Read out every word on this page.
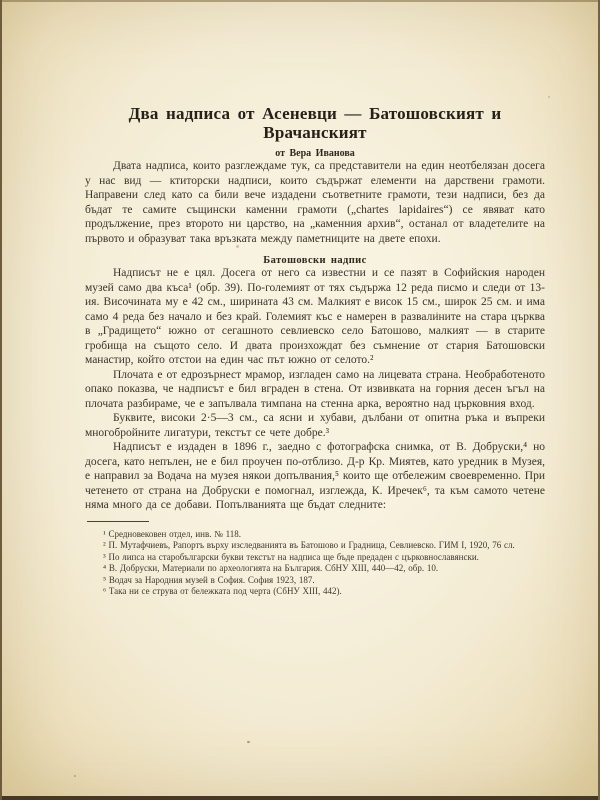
Два надписа от Асеневци — Батошовският и Врачанският
от Вера Иванова

Двата надписа, които разглеждаме тук, са представители на един неотбелязан досега у нас вид — ктиторски надписи, които съдържат елементи на дарствени грамоти. Направени след като са били вече издадени съответните грамоти, тези надписи, без да бъдат те самите същински каменни грамоти („chartes lapidaires“) се явяват като продължение, през второто ни царство, на „каменния архив“, останал от владетелите на първото и образуват така връзката между паметниците на двете епохи.

Батошовски надпис

Надписът не е цял. Досега от него са известни и се пазят в Софийския народен музей само два къса¹ (обр. 39). По-големият от тях съдържа 12 реда писмо и следи от 13-ия. Височината му е 42 см., ширината 43 см. Малкият е висок 15 см., широк 25 см. и има само 4 реда без начало и без край. Големият къс е намерен в развалините на стара църква в „Градището“ южно от сегашното севлиевско село Батошово, малкият — в старите гробища на същото село. И двата произхождат без съмнение от стария Батошовски манастир, който отстои на един час път южно от селото.²

Плочата е от едрозърнест мрамор, изгладен само на лицевата страна. Необработеното опако показва, че надписът е бил вграден в стена. От извивката на горния десен ъгъл на плочата разбираме, че е запълвала тимпана на стенна арка, вероятно над църковния вход.

Буквите, високи 2·5—3 см., са ясни и хубави, дълбани от опитна ръка и въпреки многобройните лигатури, текстът се чете добре.³

Надписът е издаден в 1896 г., заедно с фотографска снимка, от В. Добруски,⁴ но досега, като непълен, не е бил проучен по-отблизо. Д-р Кр. Миятев, като уредник в Музея, е направил за Водача на музея някои допълвания,⁵ които ще отбележим своевременно. При четенето от страна на Добруски е помогнал, изглежда, К. Иречек⁶, та към самото четене няма много да се добави. Попълванията ще бъдат следните:

¹ Средновековен отдел, инв. № 118.

² П. Мутафчиевъ, Рапортъ върху изследванията въ Батошово и Градница, Севлиевско. ГИМ I, 1920, 76 сл.

³ По липса на старобългарски букви текстът на надписа ще бъде предаден с църковнославянски.

⁴ В. Добруски, Материали по археологията на България. СбНУ XIII, 440—42, обр. 10.

⁵ Водач за Народния музей в София. София 1923, 187.

⁶ Така ни се струва от бележката под черта (СбНУ XIII, 442).
